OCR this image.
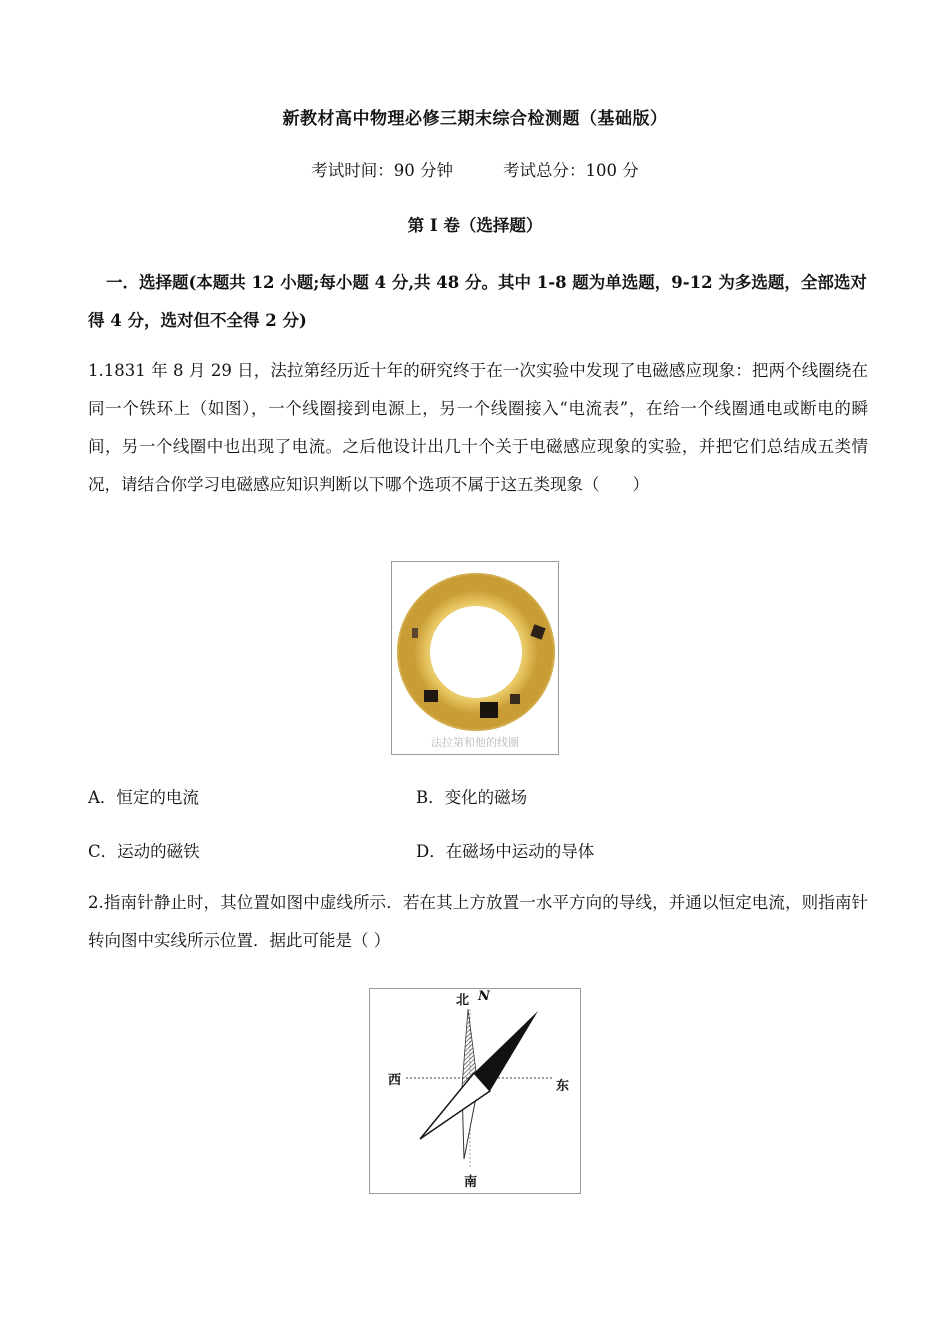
新教材高中物理必修三期末综合检测题（基础版）
考试时间：90 分钟	考试总分：100 分
第 I 卷（选择题）
一．选择题(本题共 12 小题;每小题 4 分,共 48 分。其中 1-8 题为单选题，9-12 为多选题，全部选对得 4 分，选对但不全得 2 分)
1.1831 年 8 月 29 日，法拉第经历近十年的研究终于在一次实验中发现了电磁感应现象：把两个线圈绕在同一个铁环上（如图），一个线圈接到电源上，另一个线圈接入“电流表”，在给一个线圈通电或断电的瞬间，另一个线圈中也出现了电流。之后他设计出几十个关于电磁感应现象的实验，并把它们总结成五类情况，请结合你学习电磁感应知识判断以下哪个选项不属于这五类现象（　　）
法拉第和他的线圈
A．恒定的电流	B．变化的磁场
C．运动的磁铁	D．在磁场中运动的导体
2.指南针静止时，其位置如图中虚线所示．若在其上方放置一水平方向的导线，并通以恒定电流，则指南针转向图中实线所示位置．据此可能是（ ）
北 N
西	东
南
